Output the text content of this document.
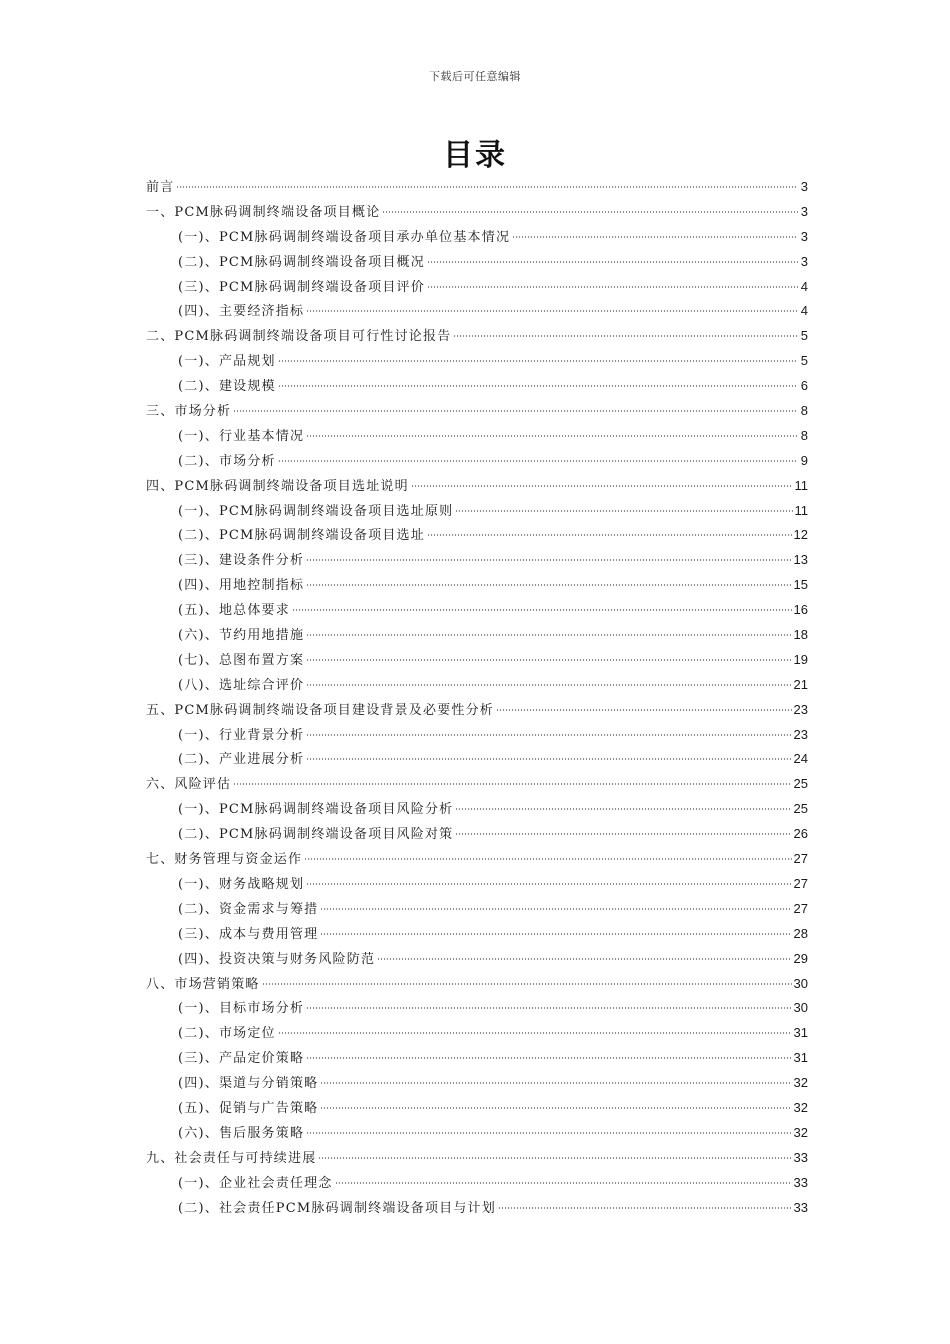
下载后可任意编辑
目录
前言	3
一、PCM脉码调制终端设备项目概论	3
(一)、PCM脉码调制终端设备项目承办单位基本情况	3
(二)、PCM脉码调制终端设备项目概况	3
(三)、PCM脉码调制终端设备项目评价	4
(四)、主要经济指标	4
二、PCM脉码调制终端设备项目可行性讨论报告	5
(一)、产品规划	5
(二)、建设规模	6
三、市场分析	8
(一)、行业基本情况	8
(二)、市场分析	9
四、PCM脉码调制终端设备项目选址说明	11
(一)、PCM脉码调制终端设备项目选址原则	11
(二)、PCM脉码调制终端设备项目选址	12
(三)、建设条件分析	13
(四)、用地控制指标	15
(五)、地总体要求	16
(六)、节约用地措施	18
(七)、总图布置方案	19
(八)、选址综合评价	21
五、PCM脉码调制终端设备项目建设背景及必要性分析	23
(一)、行业背景分析	23
(二)、产业进展分析	24
六、风险评估	25
(一)、PCM脉码调制终端设备项目风险分析	25
(二)、PCM脉码调制终端设备项目风险对策	26
七、财务管理与资金运作	27
(一)、财务战略规划	27
(二)、资金需求与筹措	27
(三)、成本与费用管理	28
(四)、投资决策与财务风险防范	29
八、市场营销策略	30
(一)、目标市场分析	30
(二)、市场定位	31
(三)、产品定价策略	31
(四)、渠道与分销策略	32
(五)、促销与广告策略	32
(六)、售后服务策略	32
九、社会责任与可持续进展	33
(一)、企业社会责任理念	33
(二)、社会责任PCM脉码调制终端设备项目与计划	33
